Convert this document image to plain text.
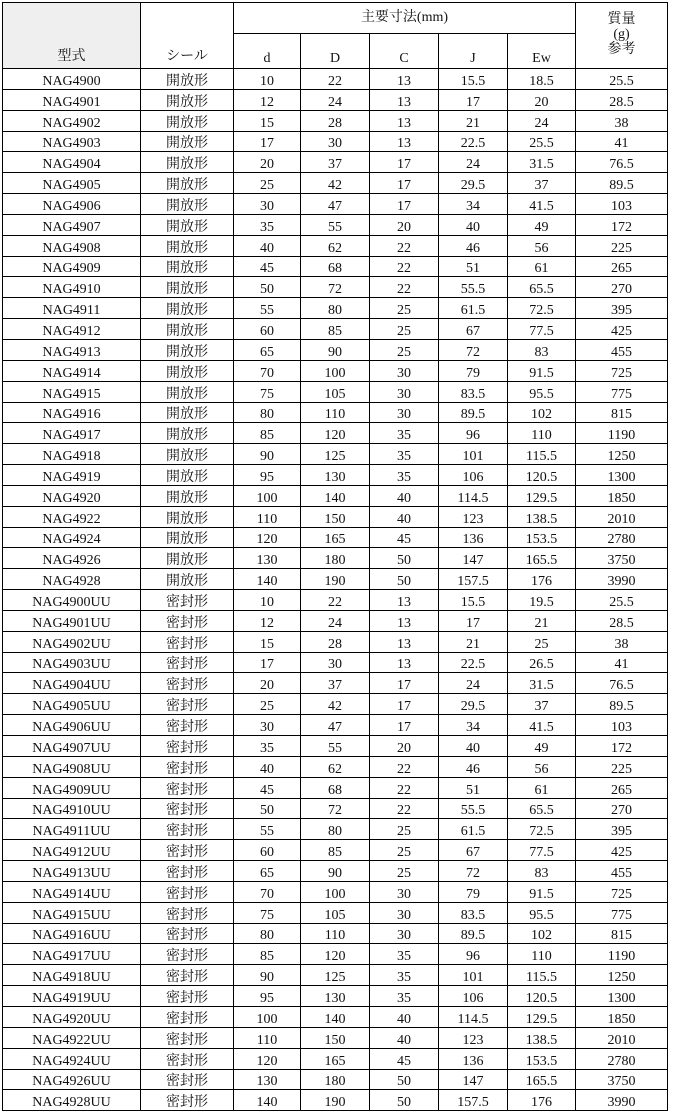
型式	シール	主要寸法(mm)					質量
(g)
参考

		d	D	C	J	Ew	
NAG4900	開放形	10	22	13	15.5	18.5	25.5
NAG4901	開放形	12	24	13	17	20	28.5
NAG4902	開放形	15	28	13	21	24	38
NAG4903	開放形	17	30	13	22.5	25.5	41
NAG4904	開放形	20	37	17	24	31.5	76.5
NAG4905	開放形	25	42	17	29.5	37	89.5
NAG4906	開放形	30	47	17	34	41.5	103
NAG4907	開放形	35	55	20	40	49	172
NAG4908	開放形	40	62	22	46	56	225
NAG4909	開放形	45	68	22	51	61	265
NAG4910	開放形	50	72	22	55.5	65.5	270
NAG4911	開放形	55	80	25	61.5	72.5	395
NAG4912	開放形	60	85	25	67	77.5	425
NAG4913	開放形	65	90	25	72	83	455
NAG4914	開放形	70	100	30	79	91.5	725
NAG4915	開放形	75	105	30	83.5	95.5	775
NAG4916	開放形	80	110	30	89.5	102	815
NAG4917	開放形	85	120	35	96	110	1190
NAG4918	開放形	90	125	35	101	115.5	1250
NAG4919	開放形	95	130	35	106	120.5	1300
NAG4920	開放形	100	140	40	114.5	129.5	1850
NAG4922	開放形	110	150	40	123	138.5	2010
NAG4924	開放形	120	165	45	136	153.5	2780
NAG4926	開放形	130	180	50	147	165.5	3750
NAG4928	開放形	140	190	50	157.5	176	3990
NAG4900UU	密封形	10	22	13	15.5	19.5	25.5
NAG4901UU	密封形	12	24	13	17	21	28.5
NAG4902UU	密封形	15	28	13	21	25	38
NAG4903UU	密封形	17	30	13	22.5	26.5	41
NAG4904UU	密封形	20	37	17	24	31.5	76.5
NAG4905UU	密封形	25	42	17	29.5	37	89.5
NAG4906UU	密封形	30	47	17	34	41.5	103
NAG4907UU	密封形	35	55	20	40	49	172
NAG4908UU	密封形	40	62	22	46	56	225
NAG4909UU	密封形	45	68	22	51	61	265
NAG4910UU	密封形	50	72	22	55.5	65.5	270
NAG4911UU	密封形	55	80	25	61.5	72.5	395
NAG4912UU	密封形	60	85	25	67	77.5	425
NAG4913UU	密封形	65	90	25	72	83	455
NAG4914UU	密封形	70	100	30	79	91.5	725
NAG4915UU	密封形	75	105	30	83.5	95.5	775
NAG4916UU	密封形	80	110	30	89.5	102	815
NAG4917UU	密封形	85	120	35	96	110	1190
NAG4918UU	密封形	90	125	35	101	115.5	1250
NAG4919UU	密封形	95	130	35	106	120.5	1300
NAG4920UU	密封形	100	140	40	114.5	129.5	1850
NAG4922UU	密封形	110	150	40	123	138.5	2010
NAG4924UU	密封形	120	165	45	136	153.5	2780
NAG4926UU	密封形	130	180	50	147	165.5	3750
NAG4928UU	密封形	140	190	50	157.5	176	3990
